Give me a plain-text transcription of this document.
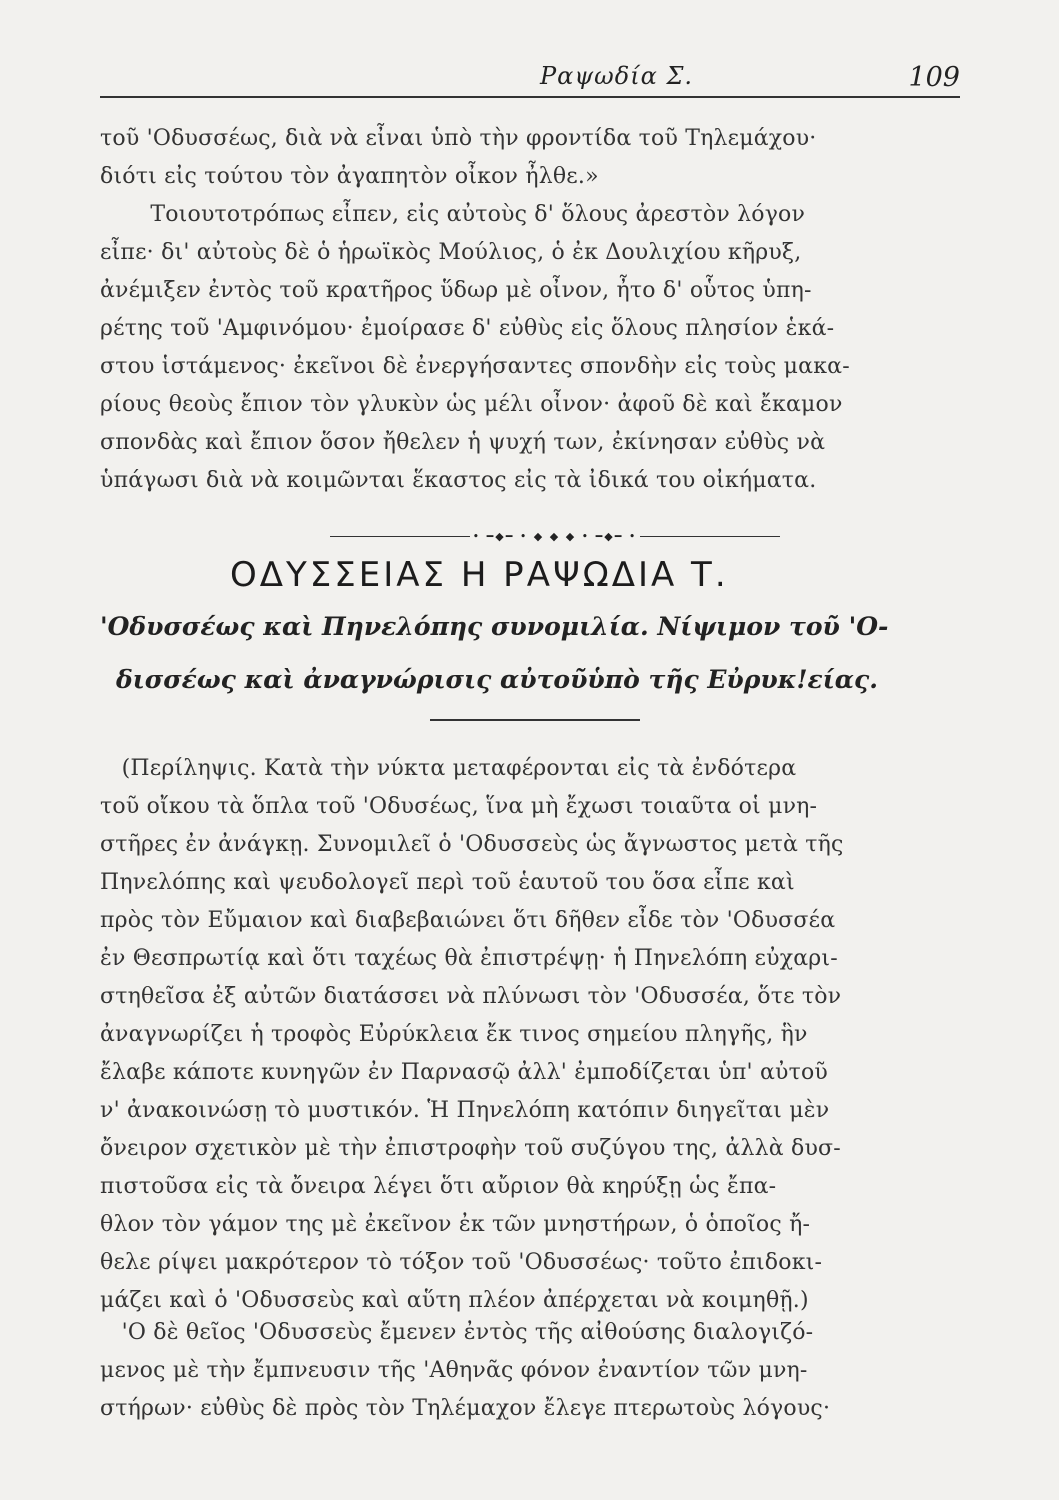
Ραψωδία Σ.	109
τοῦ 'Οδυσσέως, διὰ νὰ εἶναι ὑπὸ τὴν φροντίδα τοῦ Τηλεμάχου·
διότι εἰς τούτου τὸν ἀγαπητὸν οἶκον ἦλθε.»
Τοιουτοτρόπως εἶπεν, εἰς αὐτοὺς δ' ὅλους ἀρεστὸν λόγον
εἶπε· δι' αὐτοὺς δὲ ὁ ἡρωϊκὸς Μούλιος, ὁ ἐκ Δουλιχίου κῆρυξ,
ἀνέμιξεν ἐντὸς τοῦ κρατῆρος ὕδωρ μὲ οἶνον, ἦτο δ' οὗτος ὑπη-
ρέτης τοῦ 'Αμφινόμου· ἐμοίρασε δ' εὐθὺς εἰς ὅλους πλησίον ἑκά-
στου ἱστάμενος· ἐκεῖνοι δὲ ἐνεργήσαντες σπονδὴν εἰς τοὺς μακα-
ρίους θεοὺς ἔπιον τὸν γλυκὺν ὡς μέλι οἶνον· ἀφοῦ δὲ καὶ ἔκαμον
σπονδὰς καὶ ἔπιον ὅσον ἤθελεν ἡ ψυχή των, ἐκίνησαν εὐθὺς νὰ
ὑπάγωσι διὰ νὰ κοιμῶνται ἕκαστος εἰς τὰ ἰδικά του οἰκήματα.
• ━◆━ • ◆ ◆ ◆ • ━◆━ •
ΟΔΥΣΣΕΙΑΣ Η ΡΑΨΩΔΙΑ Τ.
'Οδυσσέως καὶ Πηνελόπης συνομιλία. Νίψιμον τοῦ 'Ο-
δισσέως καὶ ἀναγνώρισις αὐτοῦὑπὸ τῆς Εὐρυκ!είας.
(Περίληψις. Κατὰ τὴν νύκτα μεταφέρονται εἰς τὰ ἐνδότερα
τοῦ οἴκου τὰ ὅπλα τοῦ 'Οδυσέως, ἵνα μὴ ἔχωσι τοιαῦτα οἱ μνη-
στῆρες ἐν ἀνάγκῃ. Συνομιλεῖ ὁ 'Οδυσσεὺς ὡς ἄγνωστος μετὰ τῆς
Πηνελόπης καὶ ψευδολογεῖ περὶ τοῦ ἑαυτοῦ του ὅσα εἶπε καὶ
πρὸς τὸν Εὔμαιον καὶ διαβεβαιώνει ὅτι δῆθεν εἶδε τὸν 'Οδυσσέα
ἐν Θεσπρωτίᾳ καὶ ὅτι ταχέως θὰ ἐπιστρέψῃ· ἡ Πηνελόπη εὐχαρι-
στηθεῖσα ἐξ αὐτῶν διατάσσει νὰ πλύνωσι τὸν 'Οδυσσέα, ὅτε τὸν
ἀναγνωρίζει ἡ τροφὸς Εὐρύκλεια ἔκ τινος σημείου πληγῆς, ἣν
ἔλαβε κάποτε κυνηγῶν ἐν Παρνασῷ ἀλλ' ἐμποδίζεται ὑπ' αὐτοῦ
ν' ἀνακοινώσῃ τὸ μυστικόν. Ἡ Πηνελόπη κατόπιν διηγεῖται μὲν
ὄνειρον σχετικὸν μὲ τὴν ἐπιστροφὴν τοῦ συζύγου της, ἀλλὰ δυσ-
πιστοῦσα εἰς τὰ ὄνειρα λέγει ὅτι αὔριον θὰ κηρύξῃ ὡς ἔπα-
θλον τὸν γάμον της μὲ ἐκεῖνον ἐκ τῶν μνηστήρων, ὁ ὁποῖος ἤ-
θελε ρίψει μακρότερον τὸ τόξον τοῦ 'Οδυσσέως· τοῦτο ἐπιδοκι-
μάζει καὶ ὁ 'Οδυσσεὺς καὶ αὕτη πλέον ἀπέρχεται νὰ κοιμηθῇ.)
'Ο δὲ θεῖος 'Οδυσσεὺς ἔμενεν ἐντὸς τῆς αἰθούσης διαλογιζό-
μενος μὲ τὴν ἔμπνευσιν τῆς 'Αθηνᾶς φόνον ἐναντίον τῶν μνη-
στήρων· εὐθὺς δὲ πρὸς τὸν Τηλέμαχον ἔλεγε πτερωτοὺς λόγους·
